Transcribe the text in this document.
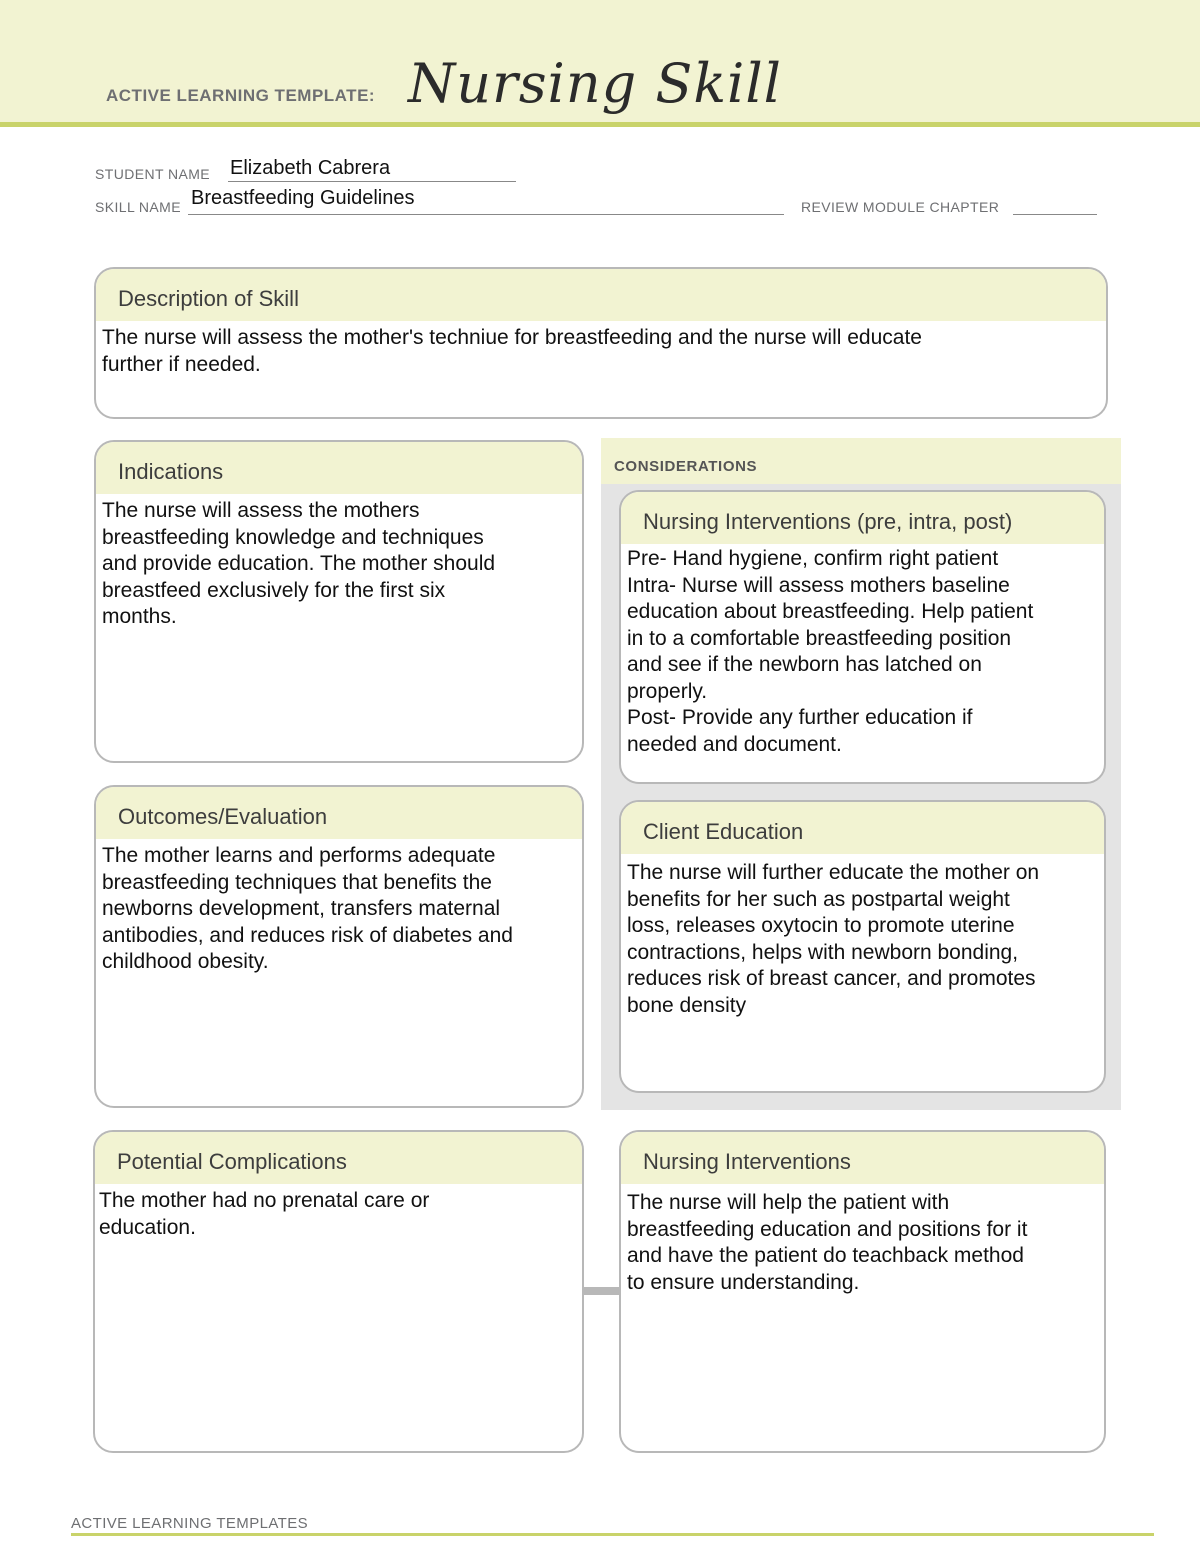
ACTIVE LEARNING TEMPLATE: Nursing Skill
STUDENT NAME Elizabeth Cabrera
SKILL NAME Breastfeeding Guidelines	REVIEW MODULE CHAPTER
Description of Skill
The nurse will assess the mother's techniue for breastfeeding and the nurse will educate
further if needed.
CONSIDERATIONS
Indications
The nurse will assess the mothers
breastfeeding knowledge and techniques
and provide education. The mother should
breastfeed exclusively for the first six
months.
Nursing Interventions (pre, intra, post)
Pre- Hand hygiene, confirm right patient
Intra- Nurse will assess mothers baseline
education about breastfeeding. Help patient
in to a comfortable breastfeeding position
and see if the newborn has latched on
properly.
Post- Provide any further education if
needed and document.
Outcomes/Evaluation
The mother learns and performs adequate
breastfeeding techniques that benefits the
newborns development, transfers maternal
antibodies, and reduces risk of diabetes and
childhood obesity.
Client Education
The nurse will further educate the mother on
benefits for her such as postpartal weight
loss, releases oxytocin to promote uterine
contractions, helps with newborn bonding,
reduces risk of breast cancer, and promotes
bone density
Potential Complications
The mother had no prenatal care or
education.
Nursing Interventions
The nurse will help the patient with
breastfeeding education and positions for it
and have the patient do teachback method
to ensure understanding.
ACTIVE LEARNING TEMPLATES
